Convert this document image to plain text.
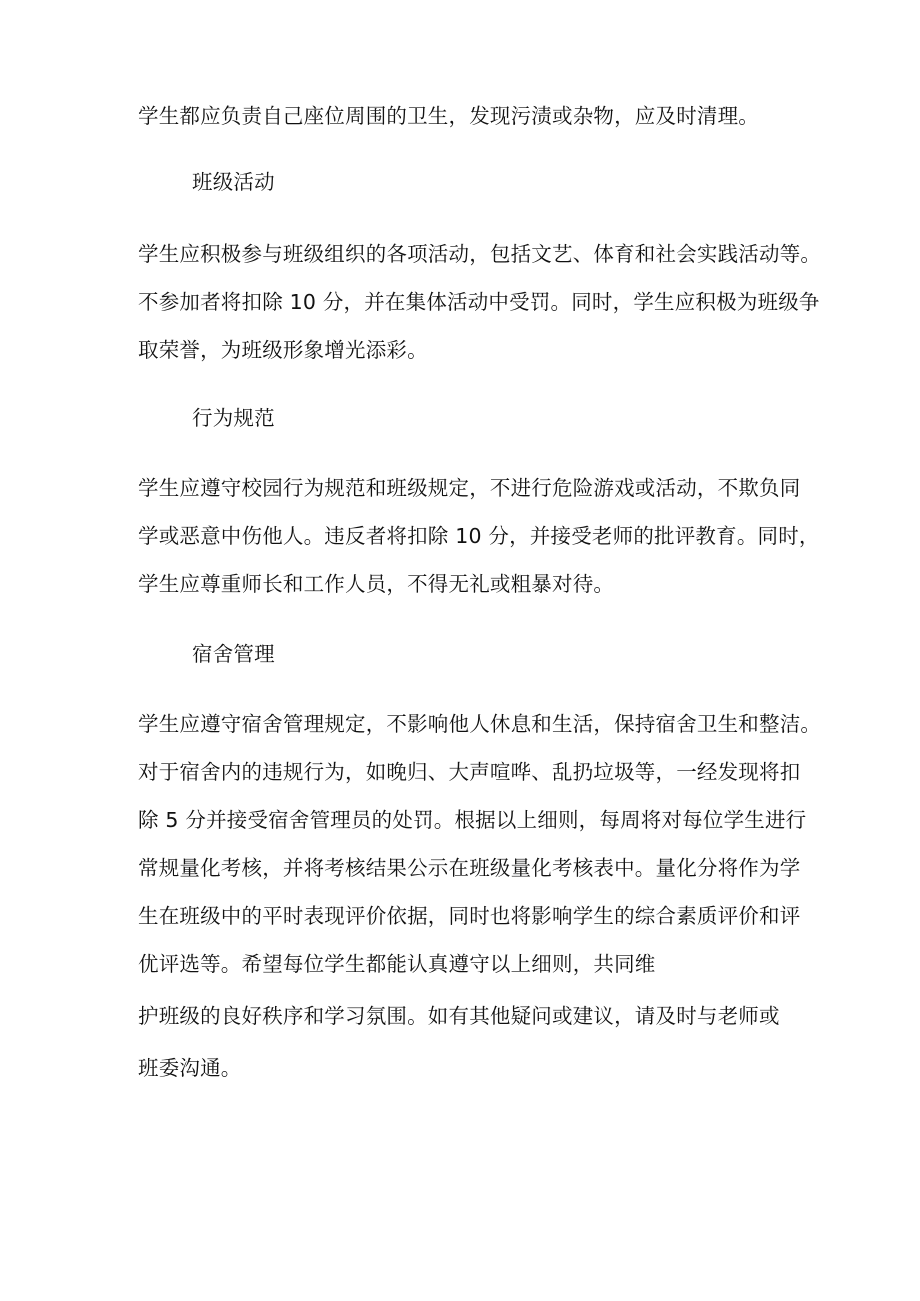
学生都应负责自己座位周围的卫生，发现污渍或杂物，应及时清理。
班级活动
学生应积极参与班级组织的各项活动，包括文艺、体育和社会实践活动等。
不参加者将扣除 10 分，并在集体活动中受罚。同时，学生应积极为班级争
取荣誉，为班级形象增光添彩。
行为规范
学生应遵守校园行为规范和班级规定，不进行危险游戏或活动，不欺负同
学或恶意中伤他人。违反者将扣除 10 分，并接受老师的批评教育。同时，
学生应尊重师长和工作人员，不得无礼或粗暴对待。
宿舍管理
学生应遵守宿舍管理规定，不影响他人休息和生活，保持宿舍卫生和整洁。
对于宿舍内的违规行为，如晚归、大声喧哗、乱扔垃圾等，一经发现将扣
除 5 分并接受宿舍管理员的处罚。根据以上细则，每周将对每位学生进行
常规量化考核，并将考核结果公示在班级量化考核表中。量化分将作为学
生在班级中的平时表现评价依据，同时也将影响学生的综合素质评价和评
优评选等。希望每位学生都能认真遵守以上细则，共同维
护班级的良好秩序和学习氛围。如有其他疑问或建议，请及时与老师或
班委沟通。
